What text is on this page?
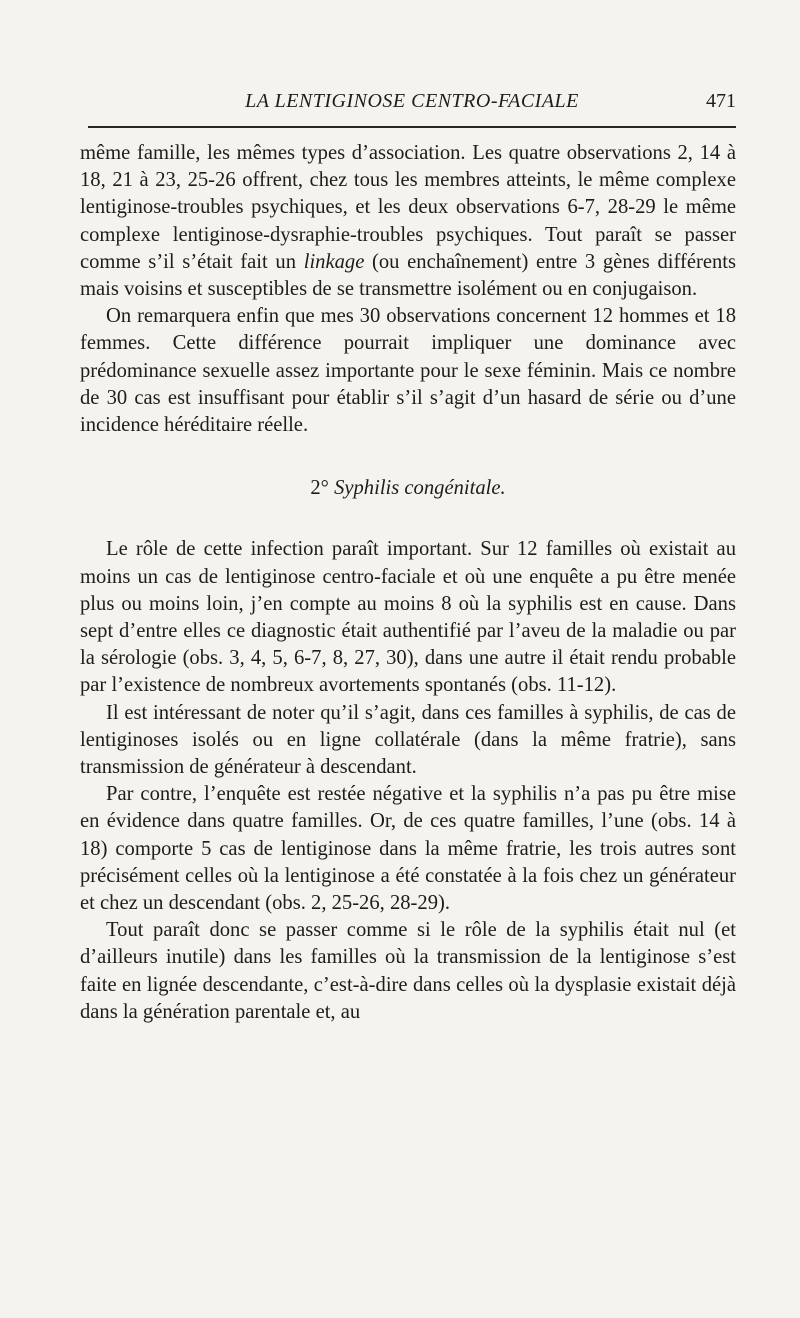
LA LENTIGINOSE CENTRO-FACIALE	471

même famille, les mêmes types d’association. Les quatre observations 2, 14 à 18, 21 à 23, 25-26 offrent, chez tous les membres atteints, le même complexe lentiginose-troubles psychiques, et les deux observations 6-7, 28-29 le même complexe lentiginose-dysraphie-troubles psychiques. Tout paraît se passer comme s’il s’était fait un linkage (ou enchaînement) entre 3 gènes différents mais voisins et susceptibles de se transmettre isolément ou en conjugaison.

On remarquera enfin que mes 30 observations concernent 12 hommes et 18 femmes. Cette différence pourrait impliquer une dominance avec prédominance sexuelle assez importante pour le sexe féminin. Mais ce nombre de 30 cas est insuffisant pour établir s’il s’agit d’un hasard de série ou d’une incidence héréditaire réelle.

2° Syphilis congénitale.

Le rôle de cette infection paraît important. Sur 12 familles où existait au moins un cas de lentiginose centro-faciale et où une enquête a pu être menée plus ou moins loin, j’en compte au moins 8 où la syphilis est en cause. Dans sept d’entre elles ce diagnostic était authentifié par l’aveu de la maladie ou par la sérologie (obs. 3, 4, 5, 6-7, 8, 27, 30), dans une autre il était rendu probable par l’existence de nombreux avortements spontanés (obs. 11-12).

Il est intéressant de noter qu’il s’agit, dans ces familles à syphilis, de cas de lentiginoses isolés ou en ligne collatérale (dans la même fratrie), sans transmission de générateur à descendant.

Par contre, l’enquête est restée négative et la syphilis n’a pas pu être mise en évidence dans quatre familles. Or, de ces quatre familles, l’une (obs. 14 à 18) comporte 5 cas de lentiginose dans la même fratrie, les trois autres sont précisément celles où la lentiginose a été constatée à la fois chez un générateur et chez un descendant (obs. 2, 25-26, 28-29).

Tout paraît donc se passer comme si le rôle de la syphilis était nul (et d’ailleurs inutile) dans les familles où la transmission de la lentiginose s’est faite en lignée descendante, c’est-à-dire dans celles où la dysplasie existait déjà dans la génération parentale et, au
